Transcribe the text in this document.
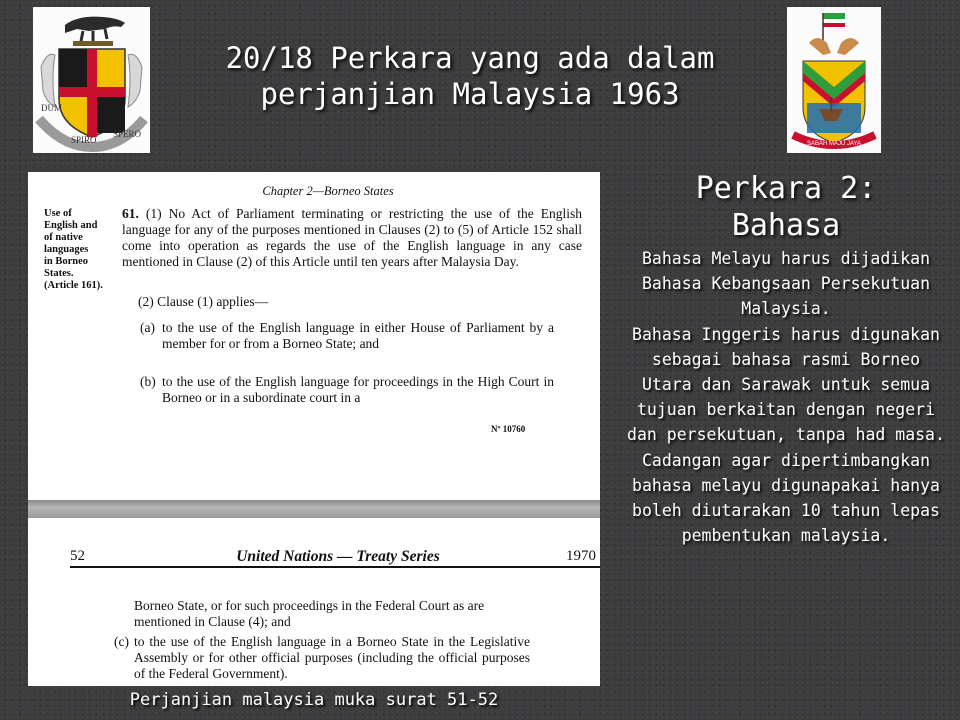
DUM
SPIRO
SPERO
SABAH MAJU JAYA
20/18 Perkara yang ada dalam
perjanjian Malaysia 1963
Chapter 2—Borneo States
Use of
English and
of native
languages
in Borneo
States.
(Article 161).
61. (1) No Act of Parliament terminating or restricting the use of the English language for any of the purposes mentioned in Clauses (2) to (5) of Article 152 shall come into operation as regards the use of the English language in any case mentioned in Clause (2) of this Article until ten years after Malaysia Day.
(2) Clause (1) applies—
(a) to the use of the English language in either House of Parliament by a member for or from a Borneo State; and
(b) to the use of the English language for proceedings in the High Court in Borneo or in a subordinate court in a
Nº 10760
United Nations — Treaty Series
52	1970
Borneo State, or for such proceedings in the Federal Court as are mentioned in Clause (4); and
(c) to the use of the English language in a Borneo State in the Legislative Assembly or for other official purposes (including the official purposes of the Federal Government).
Perjanjian malaysia muka surat 51-52
Perkara 2:
Bahasa

Bahasa Melayu harus dijadikan Bahasa Kebangsaan Persekutuan Malaysia.

Bahasa Inggeris harus digunakan sebagai bahasa rasmi Borneo Utara dan Sarawak untuk semua tujuan berkaitan dengan negeri dan persekutuan, tanpa had masa.

Cadangan agar dipertimbangkan bahasa melayu digunapakai hanya boleh diutarakan 10 tahun lepas pembentukan malaysia.
